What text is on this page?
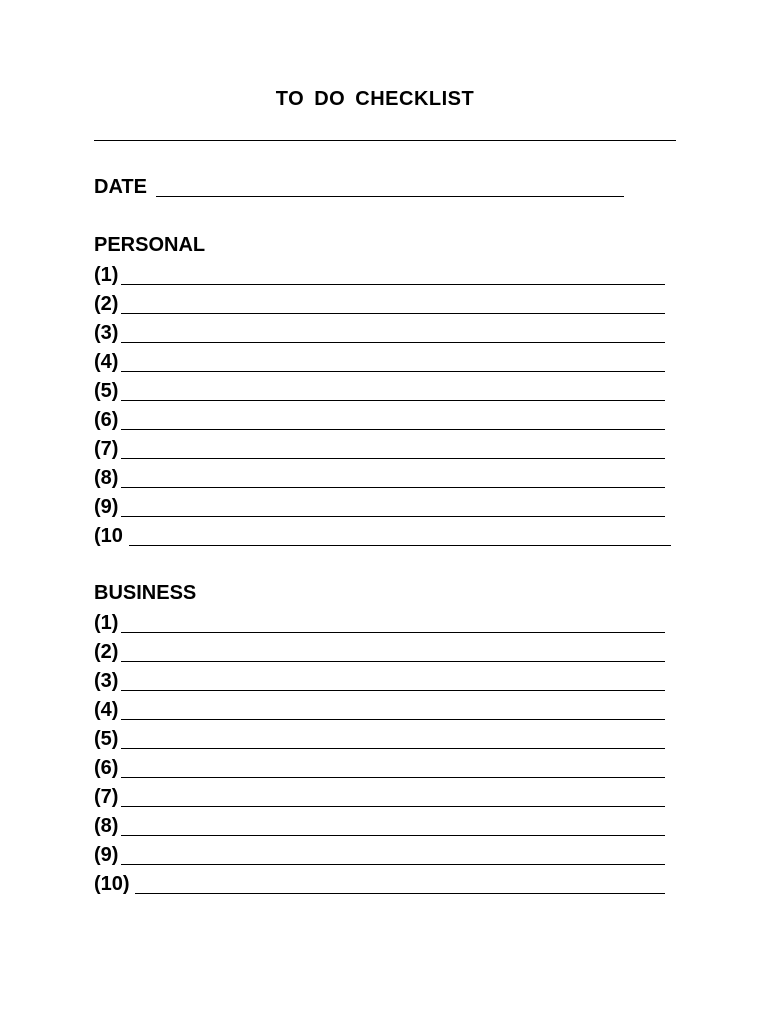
TO DO CHECKLIST
DATE
PERSONAL
(1)
(2)
(3)
(4)
(5)
(6)
(7)
(8)
(9)
(10
BUSINESS
(1)
(2)
(3)
(4)
(5)
(6)
(7)
(8)
(9)
(10)
